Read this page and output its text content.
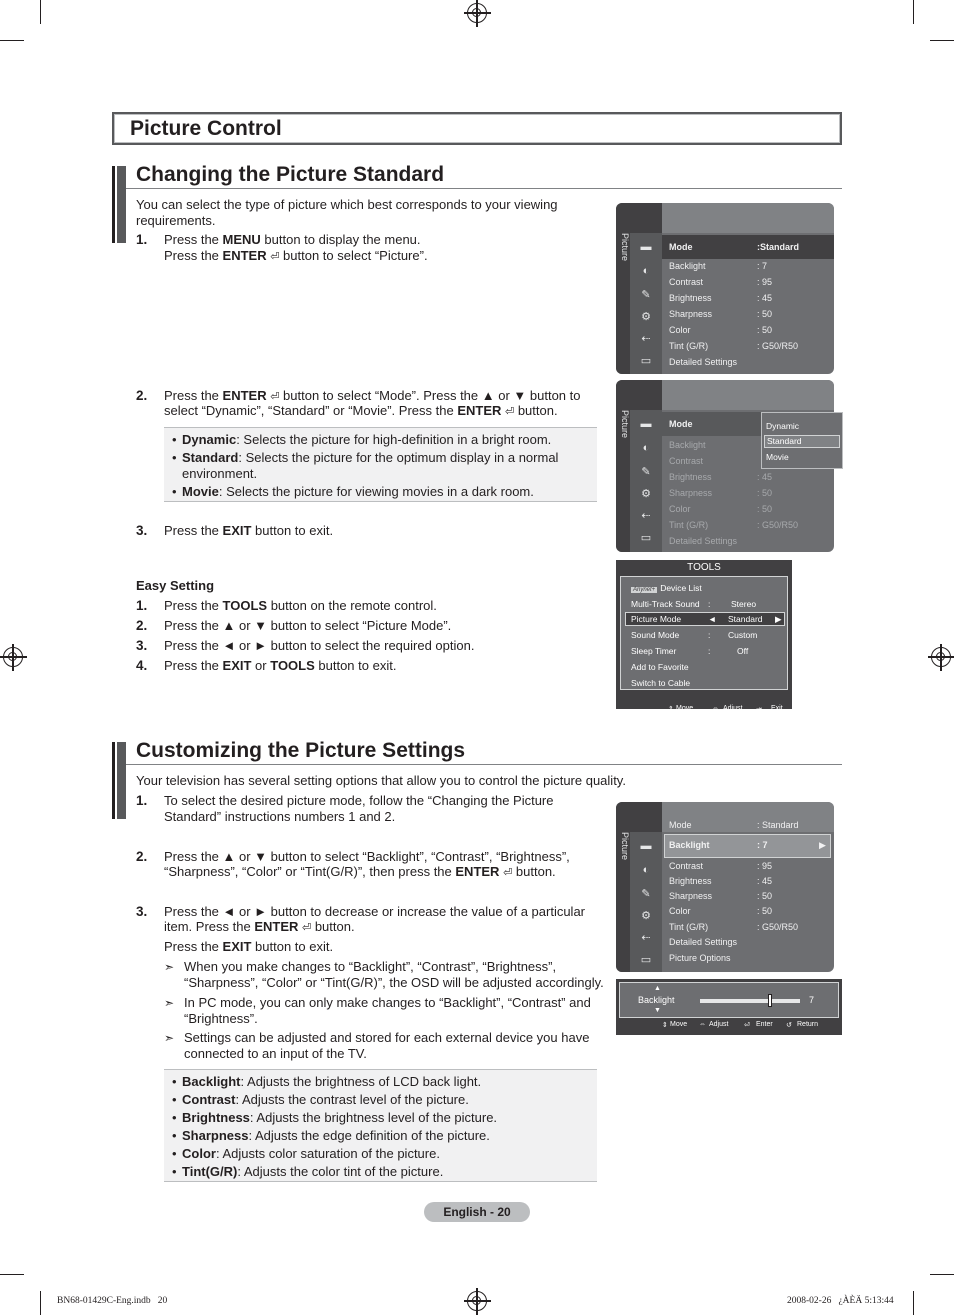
Picture Control
Changing the Picture Standard
You can select the type of picture which best corresponds to your viewing requirements.
1. Press the MENU button to display the menu.
Press the ENTER ⏎ button to select “Picture”.
2. Press the ENTER ⏎ button to select “Mode”. Press the ▲ or ▼ button to
select “Dynamic”, “Standard” or “Movie”. Press the ENTER ⏎ button.
• Dynamic: Selects the picture for high-definition in a bright room.
• Standard: Selects the picture for the optimum display in a normal environment.
• Movie: Selects the picture for viewing movies in a dark room.
3. Press the EXIT button to exit.
Easy Setting
1. Press the TOOLS button on the remote control.
2. Press the ▲ or ▼ button to select “Picture Mode”.
3. Press the ◄ or ► button to select the required option.
4. Press the EXIT or TOOLS button to exit.
Picture ▬
◐
✎
⚙
⇠
▭
Mode	:Standard
Backlight	: 7
Contrast	: 95
Brightness	: 45
Sharpness	: 50
Color	: 50
Tint (G/R)	: G50/R50
Detailed Settings
Picture ▬
◐
✎
⚙
⇠
▭
Mode
Backlight
Contrast
Brightness	: 45
Sharpness	: 50
Color	: 50
Tint (G/R)	: G50/R50
Detailed Settings
Dynamic
Standard
Movie
TOOLS
Anynet+ Device List
Multi-Track Sound : Stereo
Picture Mode	◄ Standard ▶
Sound Mode	: Custom
Sleep Timer	:	Off
Add to Favorite
Switch to Cable
⇕ Move	⇔ Adjust ⇥ Exit
Customizing the Picture Settings
Your television has several setting options that allow you to control the picture quality.
1. To select the desired picture mode, follow the “Changing the Picture
Standard” instructions numbers 1 and 2.
2. Press the ▲ or ▼ button to select “Backlight”, “Contrast”, “Brightness”,
“Sharpness”, “Color” or “Tint(G/R)”, then press the ENTER ⏎ button.
3. Press the ◄ or ► button to decrease or increase the value of a particular
item. Press the ENTER ⏎ button.
Press the EXIT button to exit.
➣ When you make changes to “Backlight”, “Contrast”, “Brightness”,
“Sharpness”, “Color” or “Tint(G/R)”, the OSD will be adjusted accordingly.
➣ In PC mode, you can only make changes to “Backlight”, “Contrast” and
“Brightness”.
➣ Settings can be adjusted and stored for each external device you have
connected to an input of the TV.
• Backlight: Adjusts the brightness of LCD back light.
• Contrast: Adjusts the contrast level of the picture.
• Brightness: Adjusts the brightness level of the picture.
• Sharpness: Adjusts the edge definition of the picture.
• Color: Adjusts color saturation of the picture.
• Tint(G/R): Adjusts the color tint of the picture.
Picture ▬
◐
✎
⚙
⇠
▭
Mode	: Standard
Backlight	: 7	▶
Contrast	: 95
Brightness	: 45
Sharpness	: 50
Color	: 50
Tint (G/R)	: G50/R50
Detailed Settings
Picture Options
▲
Backlight
▼
7
⇕ Move ⇔ Adjust ⏎ Enter ↺ Return
English - 20
BN68-01429C-Eng.indb   20	2008-02-26   ¿ÀÈÄ 5:13:44
